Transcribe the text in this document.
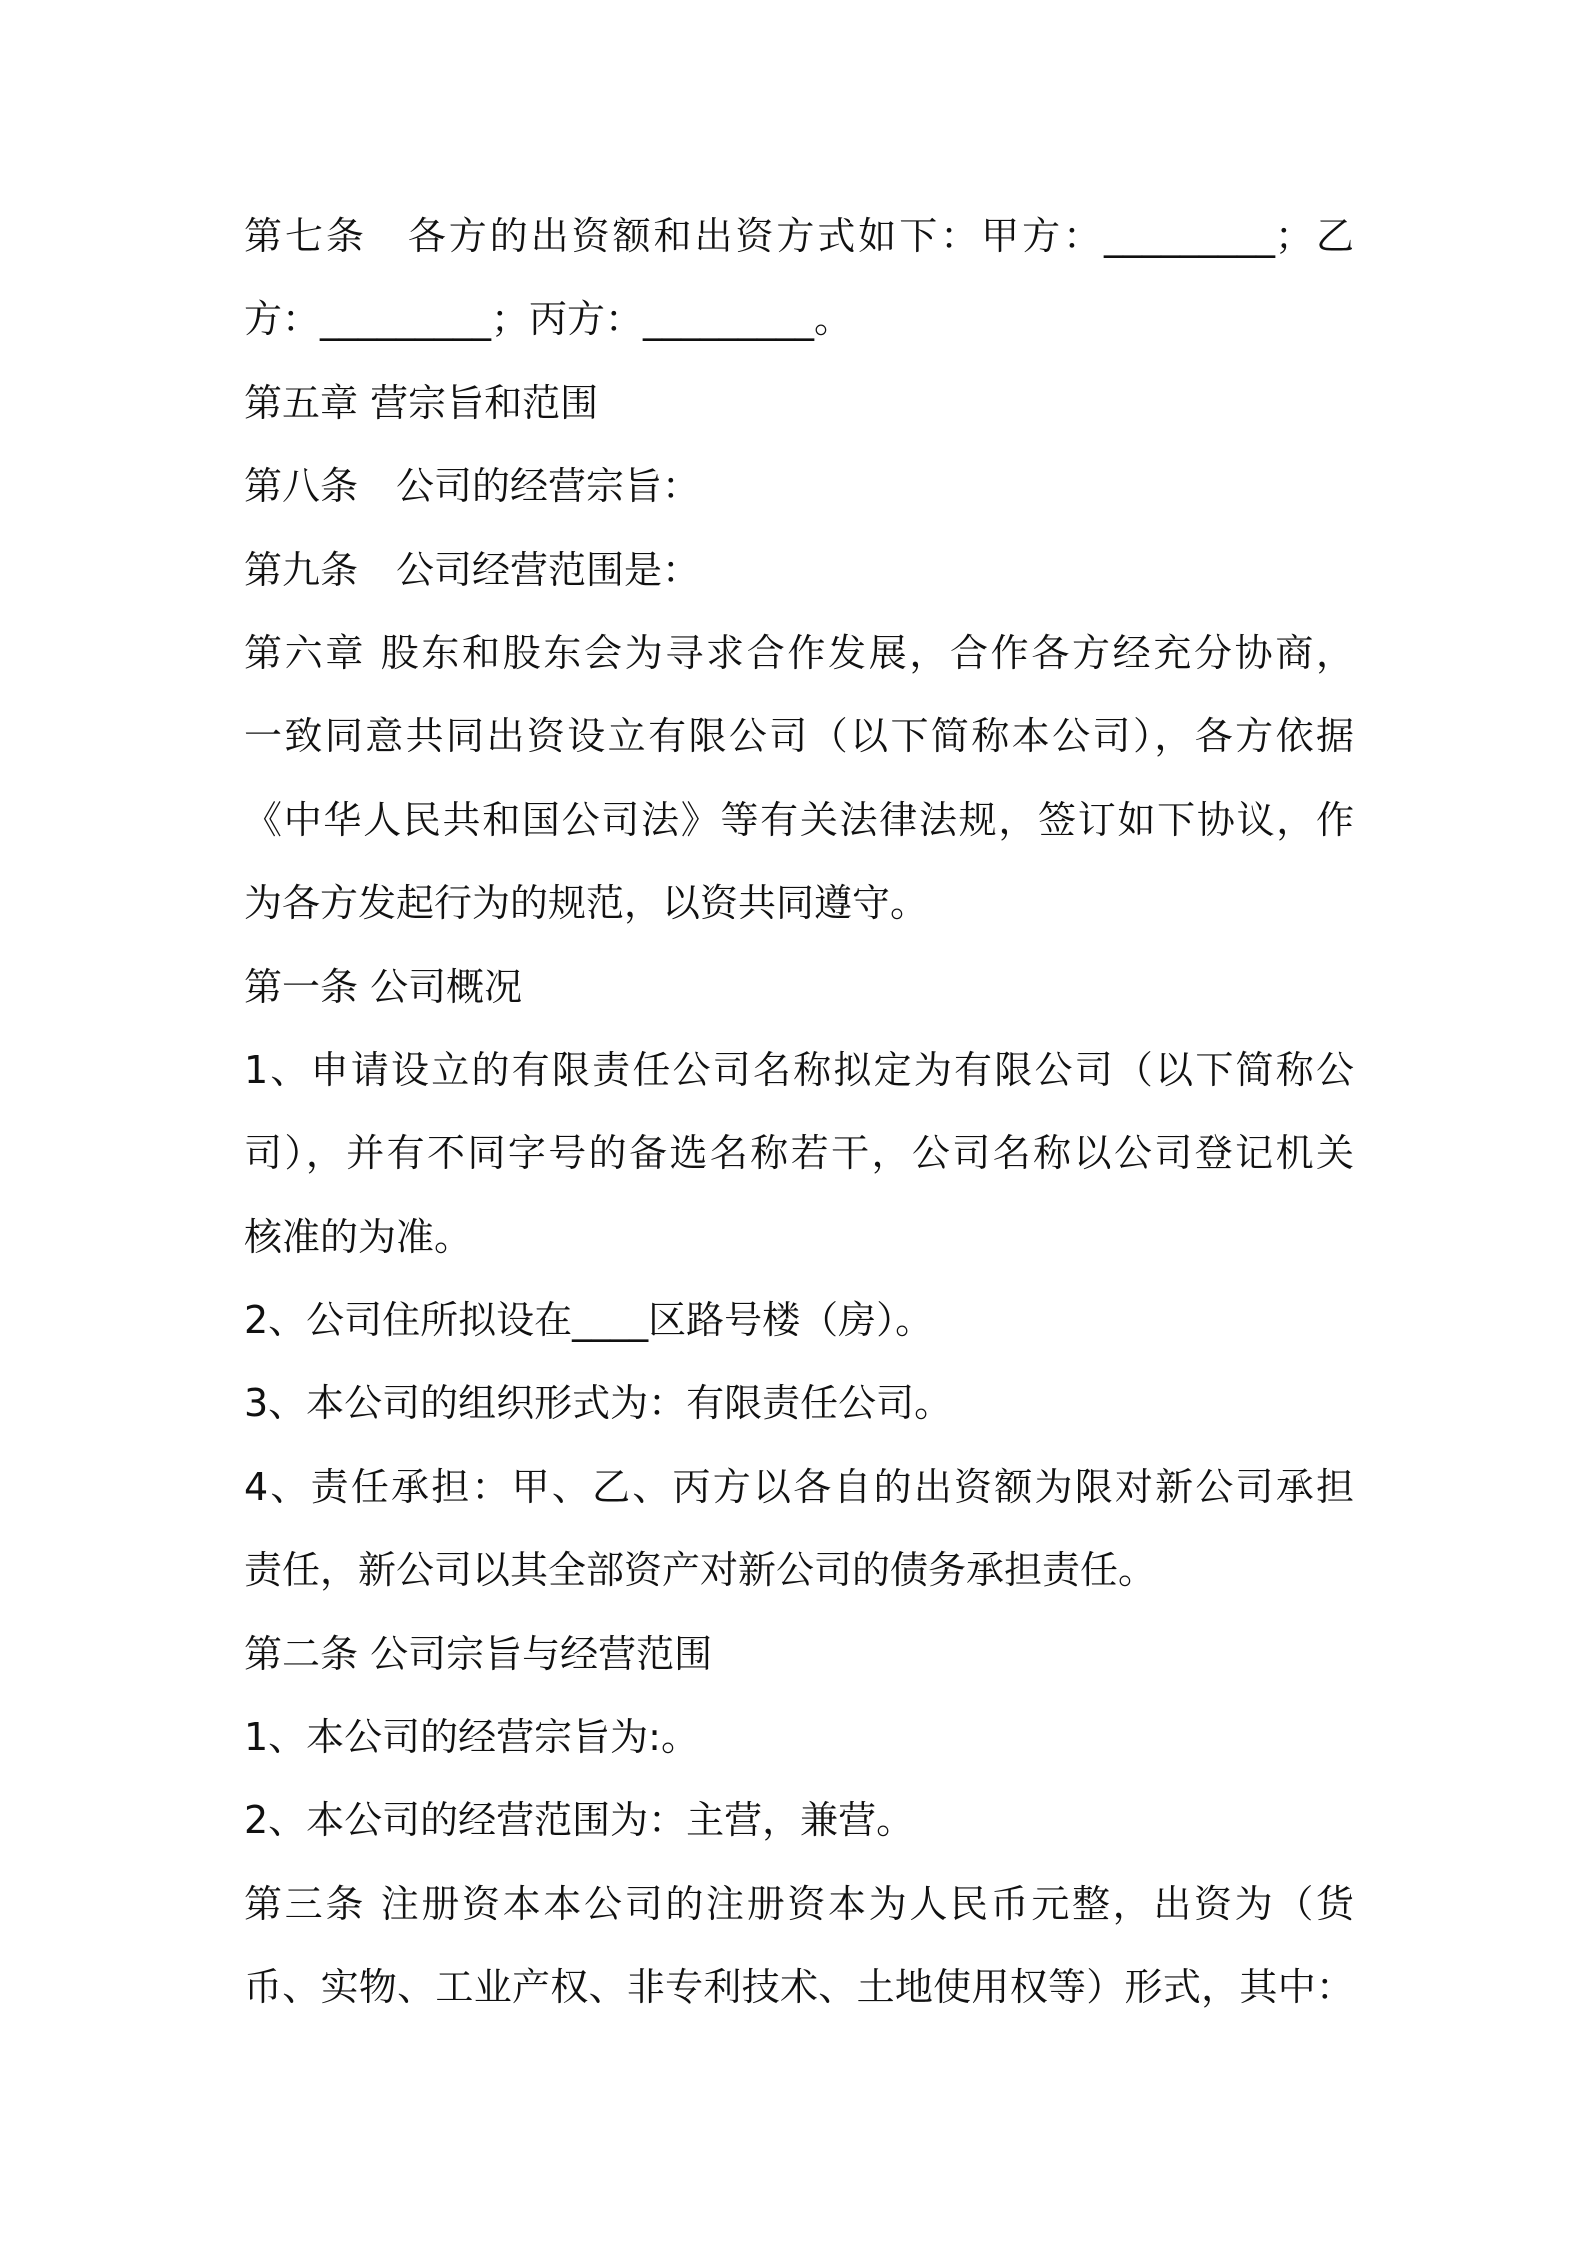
第七条　各方的出资额和出资方式如下：甲方：_________；乙
方：_________；丙方：_________。
第五章 营宗旨和范围
第八条　公司的经营宗旨：
第九条　公司经营范围是：
第六章 股东和股东会为寻求合作发展，合作各方经充分协商，
一致同意共同出资设立有限公司（以下简称本公司），各方依据
《中华人民共和国公司法》等有关法律法规，签订如下协议，作
为各方发起行为的规范，以资共同遵守。
第一条 公司概况
1、申请设立的有限责任公司名称拟定为有限公司（以下简称公
司），并有不同字号的备选名称若干，公司名称以公司登记机关
核准的为准。
2、公司住所拟设在____区路号楼（房）。
3、本公司的组织形式为：有限责任公司。
4、责任承担：甲、乙、丙方以各自的出资额为限对新公司承担
责任，新公司以其全部资产对新公司的债务承担责任。
第二条 公司宗旨与经营范围
1、本公司的经营宗旨为:。
2、本公司的经营范围为：主营，兼营。
第三条 注册资本本公司的注册资本为人民币元整，出资为（货
币、实物、工业产权、非专利技术、土地使用权等）形式，其中：
